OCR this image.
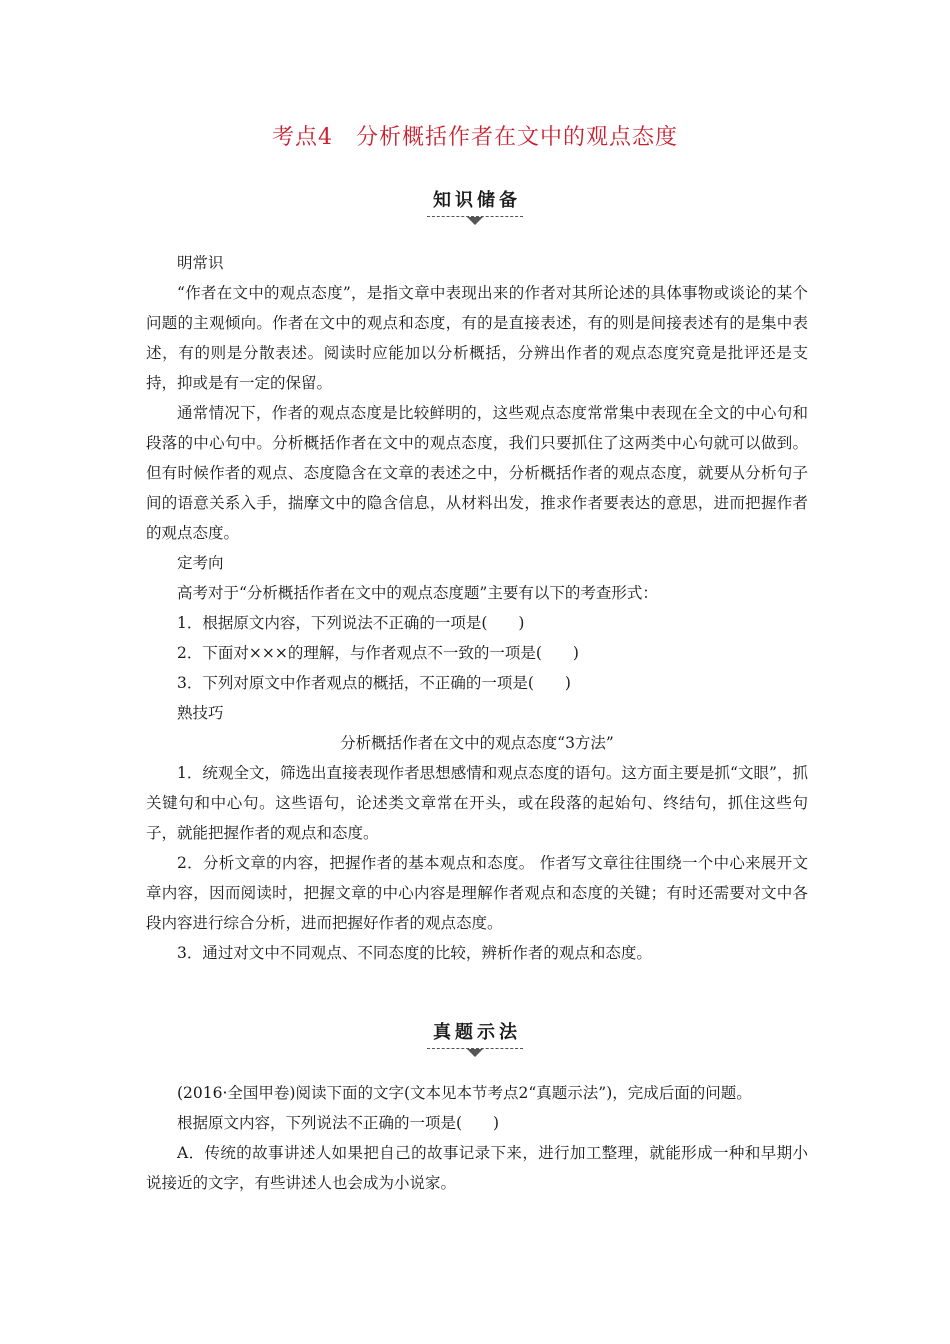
考点4　分析概括作者在文中的观点态度
知识储备

明常识

“作者在文中的观点态度”，是指文章中表现出来的作者对其所论述的具体事物或谈论的某个问题的主观倾向。作者在文中的观点和态度，有的是直接表述，有的则是间接表述有的是集中表述，有的则是分散表述。阅读时应能加以分析概括，分辨出作者的观点态度究竟是批评还是支持，抑或是有一定的保留。

通常情况下，作者的观点态度是比较鲜明的，这些观点态度常常集中表现在全文的中心句和段落的中心句中。分析概括作者在文中的观点态度，我们只要抓住了这两类中心句就可以做到。但有时候作者的观点、态度隐含在文章的表述之中，分析概括作者的观点态度，就要从分析句子间的语意关系入手，揣摩文中的隐含信息，从材料出发，推求作者要表达的意思，进而把握作者的观点态度。

定考向

高考对于“分析概括作者在文中的观点态度题”主要有以下的考查形式：

1．根据原文内容，下列说法不正确的一项是(　　)

2．下面对×××的理解，与作者观点不一致的一项是(　　)

3．下列对原文中作者观点的概括，不正确的一项是(　　)

熟技巧

分析概括作者在文中的观点态度“3方法”

1．统观全文，筛选出直接表现作者思想感情和观点态度的语句。这方面主要是抓“文眼”，抓关键句和中心句。这些语句，论述类文章常在开头，或在段落的起始句、终结句，抓住这些句子，就能把握作者的观点和态度。

2．分析文章的内容，把握作者的基本观点和态度。 作者写文章往往围绕一个中心来展开文章内容，因而阅读时，把握文章的中心内容是理解作者观点和态度的关键；有时还需要对文中各段内容进行综合分析，进而把握好作者的观点态度。

3．通过对文中不同观点、不同态度的比较，辨析作者的观点和态度。

真题示法

(2016·全国甲卷)阅读下面的文字(文本见本节考点2“真题示法”)，完成后面的问题。

根据原文内容，下列说法不正确的一项是(　　)

A．传统的故事讲述人如果把自己的故事记录下来，进行加工整理，就能形成一种和早期小说接近的文字，有些讲述人也会成为小说家。
